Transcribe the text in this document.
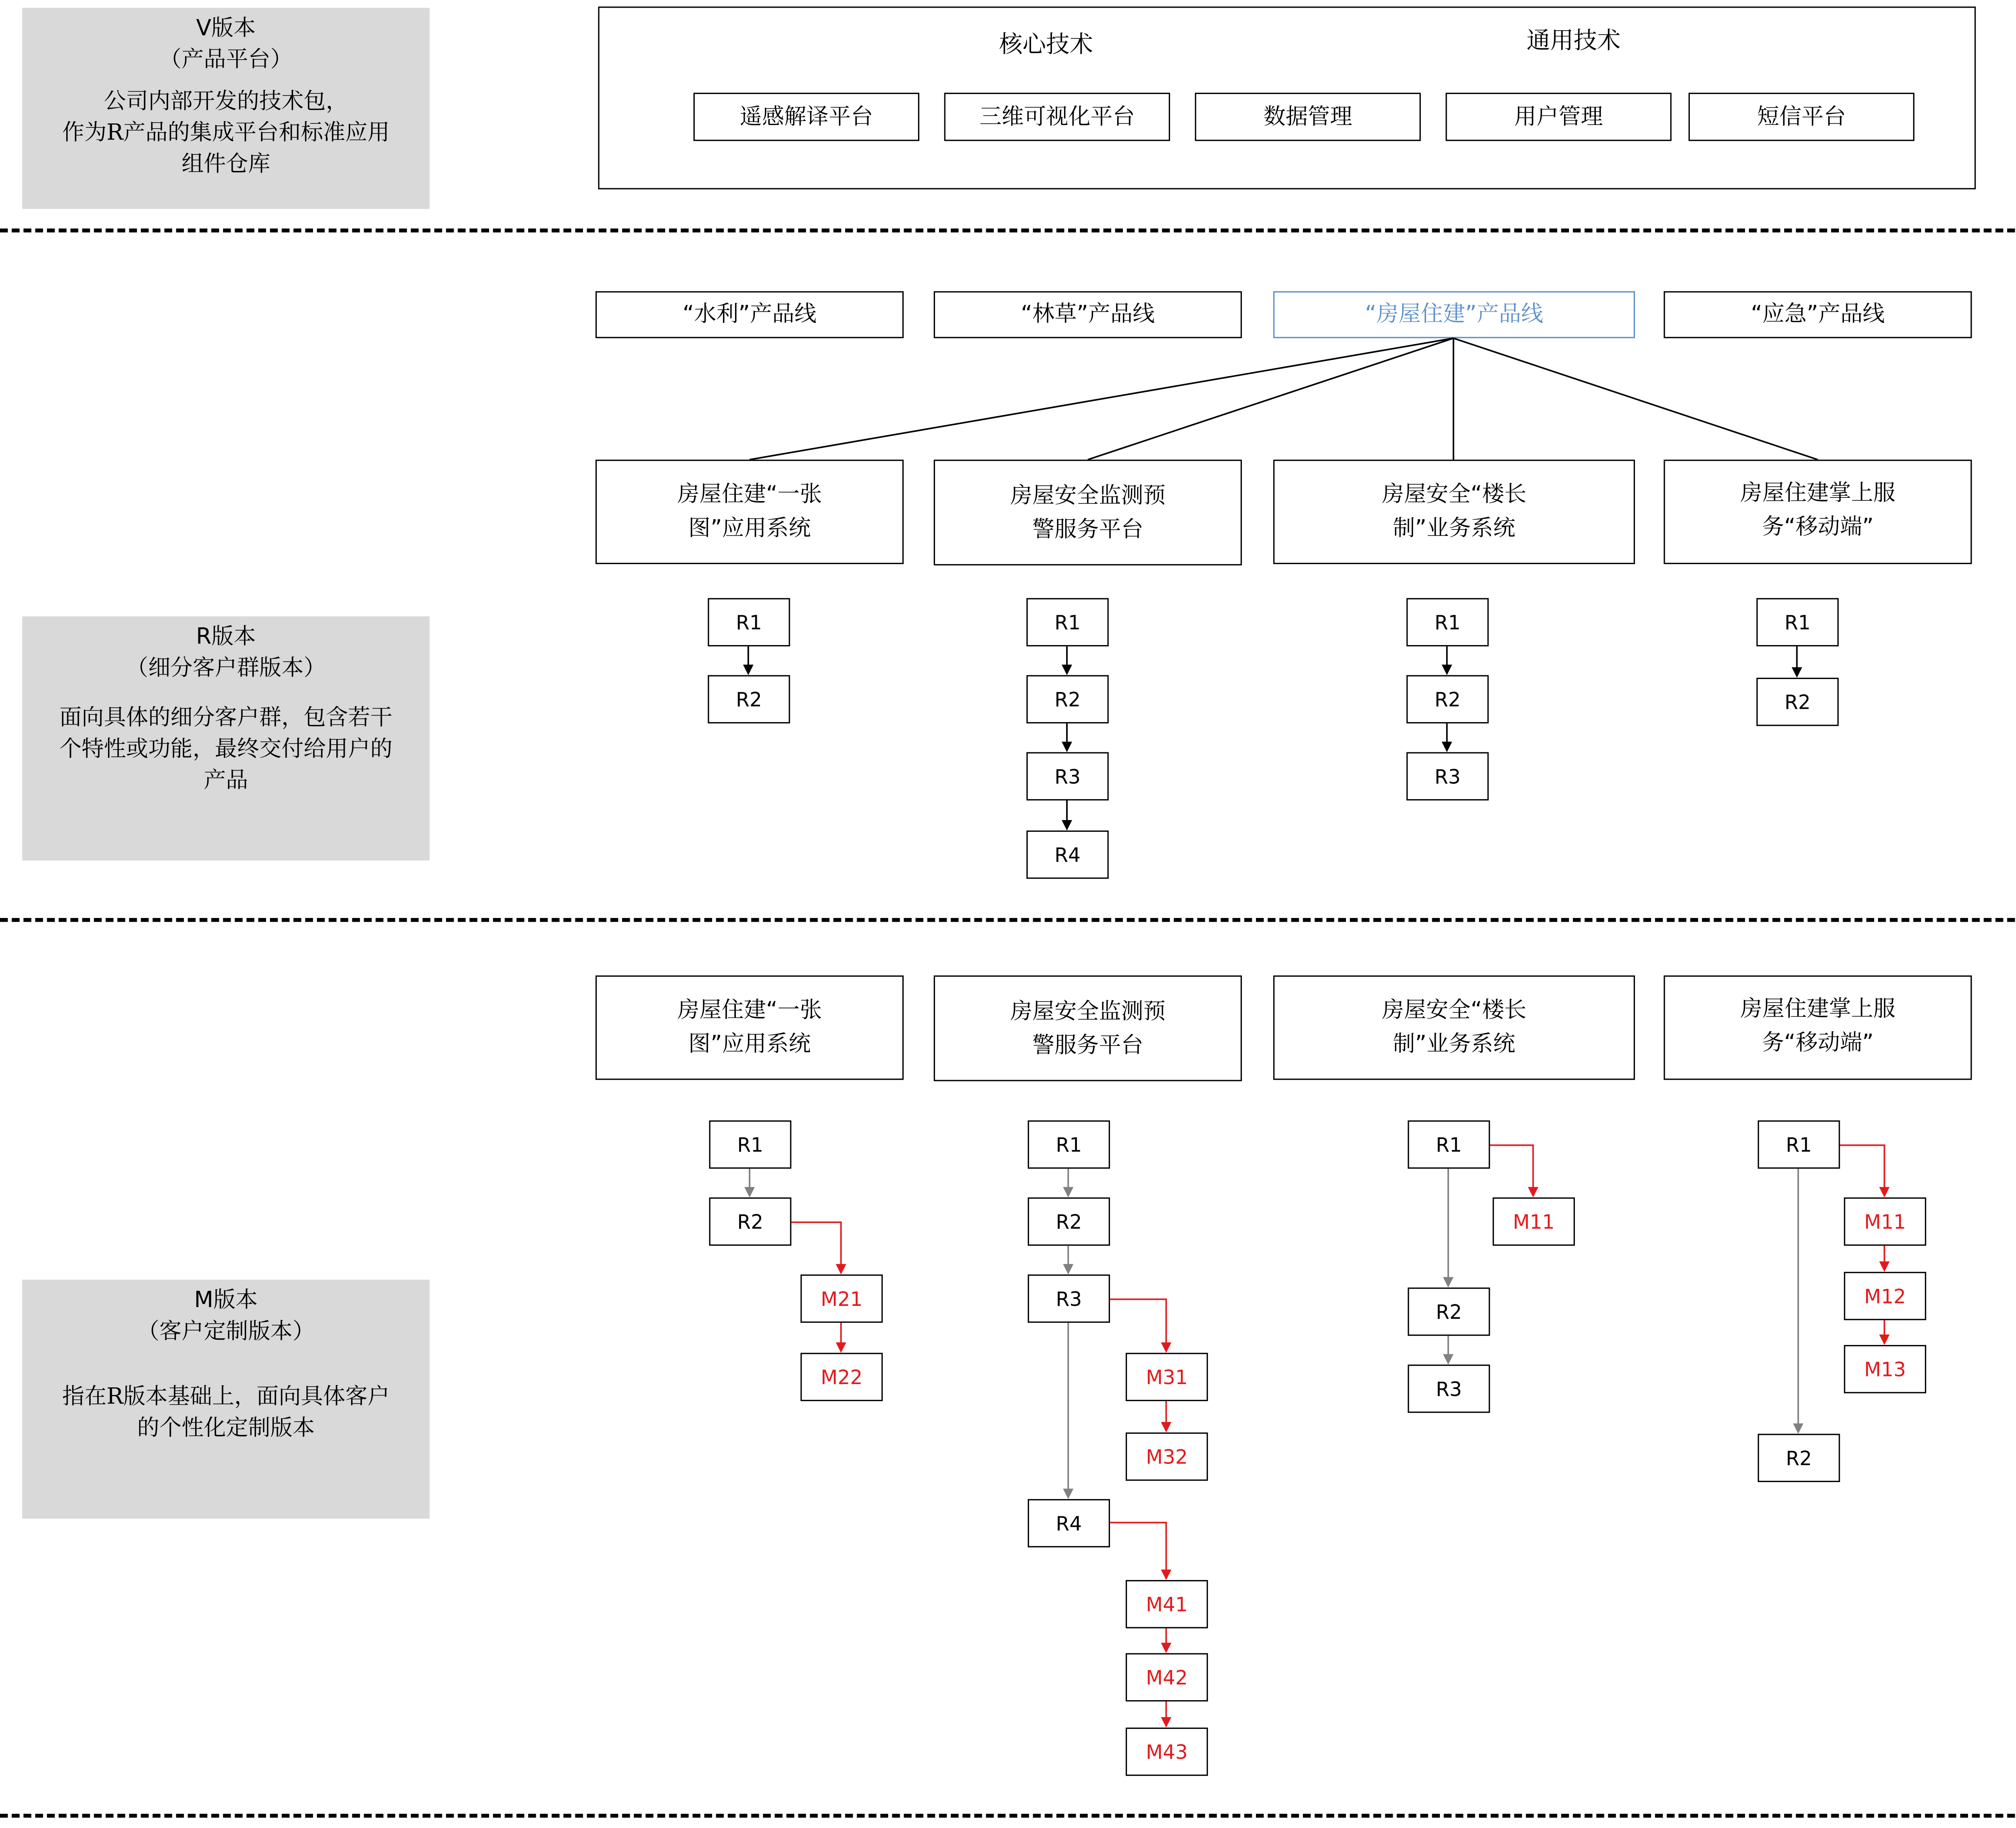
V版本
（产品平台）
公司内部开发的技术包，
作为R产品的集成平台和标准应用
组件仓库
核心技术	通用技术
遥感解译平台	三维可视化平台	数据管理	用户管理	短信平台
R版本
（细分客户群版本）
面向具体的细分客户群，包含若干
个特性或功能，最终交付给用户的
产品
“水利”产品线	“林草”产品线	“房屋住建”产品线	“应急”产品线
房屋住建“一张
图”应用系统
房屋安全监测预
警服务平台
房屋安全“楼长
制”业务系统
房屋住建掌上服
务“移动端”
R1
R2
R1
R2
R3
R4
R1
R2
R3
R1
R2
M版本
（客户定制版本）
指在R版本基础上，面向具体客户
的个性化定制版本
房屋住建“一张
图”应用系统
房屋安全监测预
警服务平台
房屋安全“楼长
制”业务系统
房屋住建掌上服
务“移动端”
R1
R2
M21
M22
R1
R2
R3
R4
M31
M32
M41
M42
M43
R1
R2
R3
M11
R1
R2
M11
M12
M13
